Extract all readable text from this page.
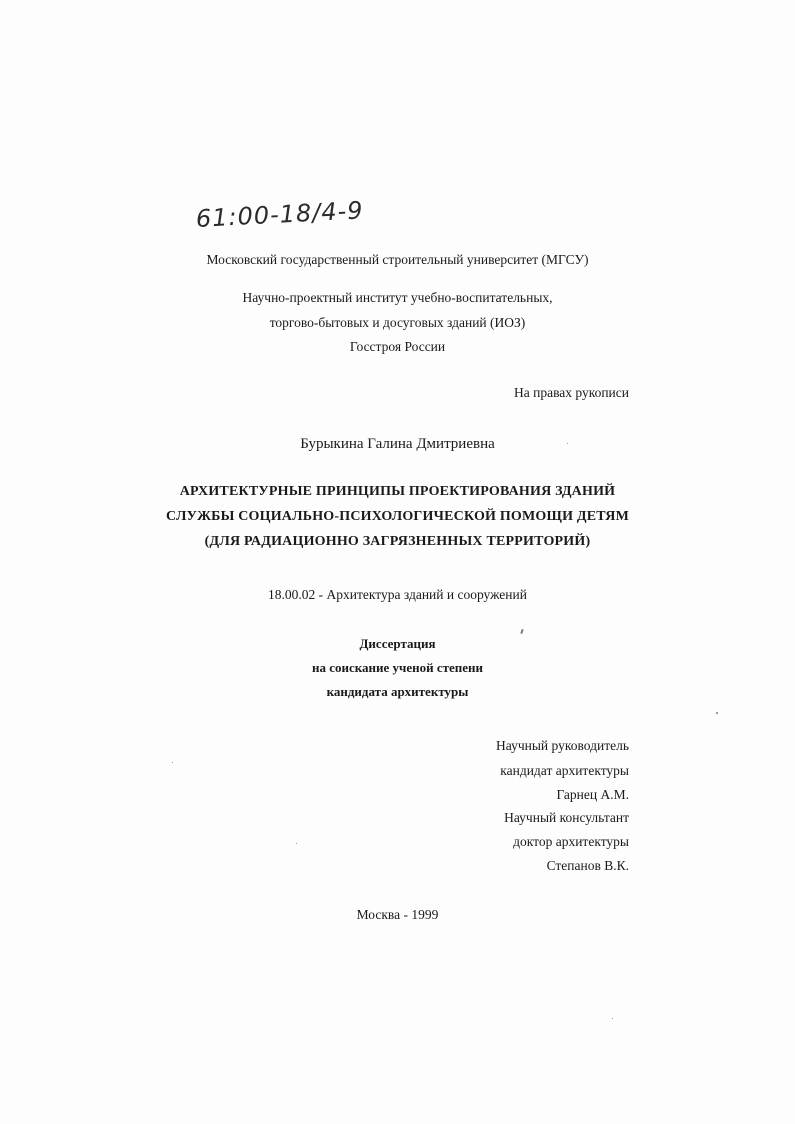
61:00-18/4-9
Московский государственный строительный университет (МГСУ)
Научно-проектный институт учебно-воспитательных,
торгово-бытовых и досуговых зданий (ИОЗ)
Госстроя России
На правах рукописи
Бурыкина Галина Дмитриевна
АРХИТЕКТУРНЫЕ ПРИНЦИПЫ ПРОЕКТИРОВАНИЯ ЗДАНИЙ
СЛУЖБЫ СОЦИАЛЬНО-ПСИХОЛОГИЧЕСКОЙ ПОМОЩИ ДЕТЯМ
(ДЛЯ РАДИАЦИОННО ЗАГРЯЗНЕННЫХ ТЕРРИТОРИЙ)
18.00.02 - Архитектура зданий и сооружений
Диссертация
на соискание ученой степени
кандидата архитектуры
Научный руководитель
кандидат архитектуры
Гарнец А.М.
Научный консультант
доктор архитектуры
Степанов В.К.
Москва - 1999
